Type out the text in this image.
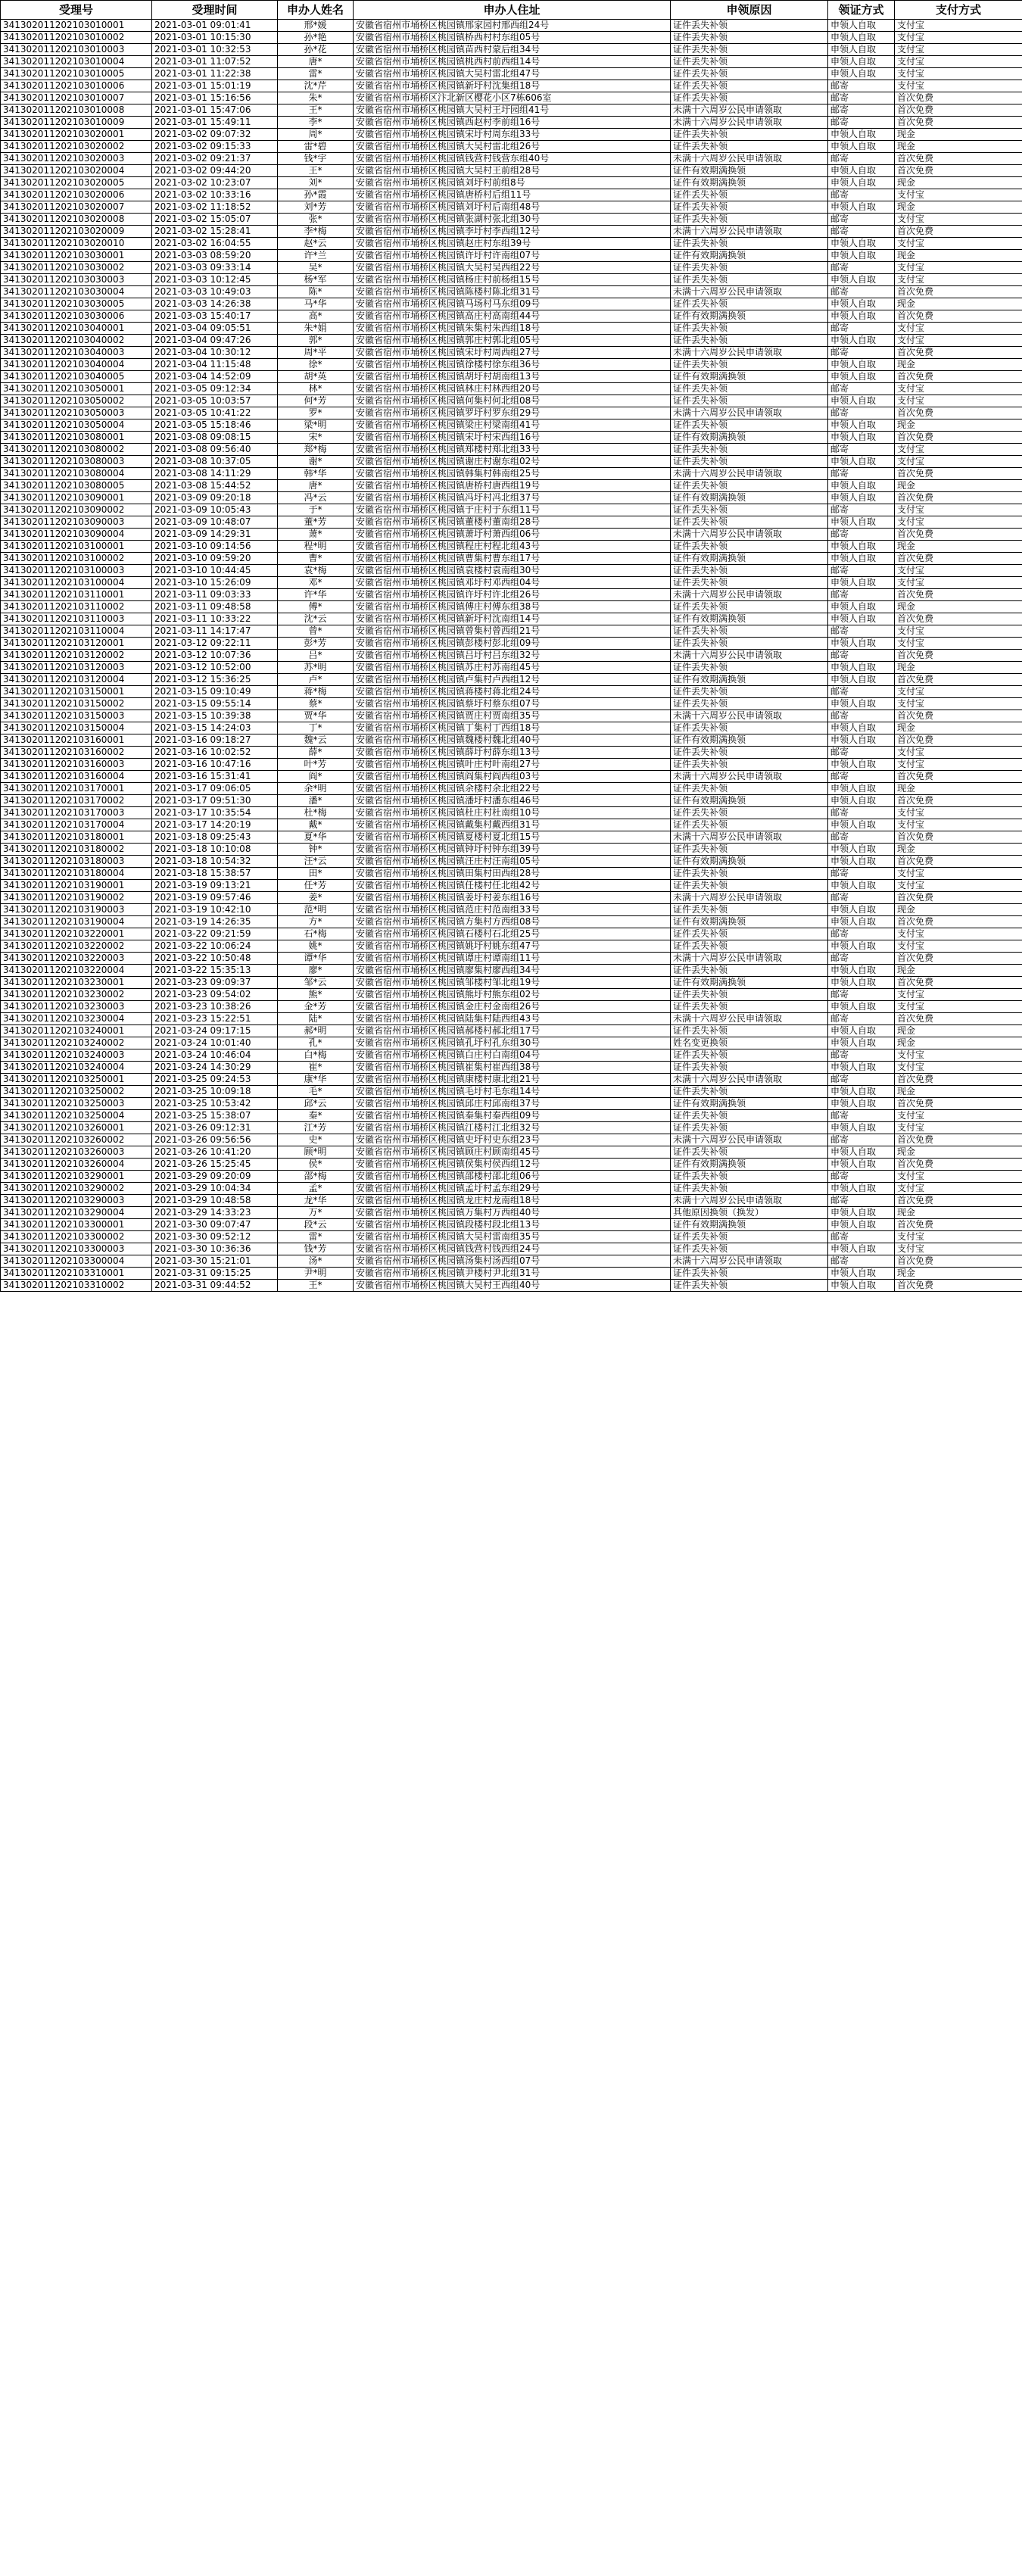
受理号	受理时间	申办人姓名	申办人住址	申领原因	领证方式	支付方式
341302011202103010001	2021-03-01 09:01:41	邢*媛	安徽省宿州市埇桥区桃园镇邢家园村邢西组24号	证件丢失补领	申领人自取	支付宝
341302011202103010002	2021-03-01 10:15:30	孙*艳	安徽省宿州市埇桥区桃园镇桥西村村东组05号	证件丢失补领	申领人自取	支付宝
341302011202103010003	2021-03-01 10:32:53	孙*花	安徽省宿州市埇桥区桃园镇苗西村蒙后组34号	证件丢失补领	申领人自取	支付宝
341302011202103010004	2021-03-01 11:07:52	唐*	安徽省宿州市埇桥区桃园镇桃西村前西组14号	证件丢失补领	申领人自取	支付宝
341302011202103010005	2021-03-01 11:22:38	雷*	安徽省宿州市埇桥区桃园镇大吴村雷北组47号	证件丢失补领	申领人自取	支付宝
341302011202103010006	2021-03-01 15:01:19	沈*芹	安徽省宿州市埇桥区桃园镇新圩村沈集组18号	证件丢失补领	邮寄	支付宝
341302011202103010007	2021-03-01 15:16:56	朱*	安徽省宿州市埇桥区汴北新区樱花小区7栋606室	证件丢失补领	邮寄	首次免费
341302011202103010008	2021-03-01 15:47:06	王*	安徽省宿州市埇桥区桃园镇大吴村王圩园组41号	未满十六周岁公民申请领取	邮寄	首次免费
341302011202103010009	2021-03-01 15:49:11	李*	安徽省宿州市埇桥区桃园镇西赵村李前组16号	未满十六周岁公民申请领取	邮寄	首次免费
341302011202103020001	2021-03-02 09:07:32	周*	安徽省宿州市埇桥区桃园镇宋圩村周东组33号	证件丢失补领	申领人自取	现金
341302011202103020002	2021-03-02 09:15:33	雷*碧	安徽省宿州市埇桥区桃园镇大吴村雷北组26号	证件丢失补领	申领人自取	现金
341302011202103020003	2021-03-02 09:21:37	钱*宇	安徽省宿州市埇桥区桃园镇钱营村钱营东组40号	未满十六周岁公民申请领取	邮寄	首次免费
341302011202103020004	2021-03-02 09:44:20	王*	安徽省宿州市埇桥区桃园镇大吴村王前组28号	证件有效期满换领	申领人自取	首次免费
341302011202103020005	2021-03-02 10:23:07	刘*	安徽省宿州市埇桥区桃园镇刘圩村前组8号	证件有效期满换领	申领人自取	现金
341302011202103020006	2021-03-02 10:33:16	孙*霞	安徽省宿州市埇桥区桃园镇唐桥村后组11号	证件丢失补领	邮寄	支付宝
341302011202103020007	2021-03-02 11:18:52	刘*芳	安徽省宿州市埇桥区桃园镇刘圩村后南组48号	证件丢失补领	申领人自取	现金
341302011202103020008	2021-03-02 15:05:07	张*	安徽省宿州市埇桥区桃园镇张湖村张北组30号	证件丢失补领	邮寄	支付宝
341302011202103020009	2021-03-02 15:28:41	李*梅	安徽省宿州市埇桥区桃园镇李圩村李西组12号	未满十六周岁公民申请领取	邮寄	首次免费
341302011202103020010	2021-03-02 16:04:55	赵*云	安徽省宿州市埇桥区桃园镇赵庄村东组39号	证件丢失补领	申领人自取	支付宝
341302011202103030001	2021-03-03 08:59:20	许*兰	安徽省宿州市埇桥区桃园镇许圩村许南组07号	证件有效期满换领	申领人自取	现金
341302011202103030002	2021-03-03 09:33:14	吴*	安徽省宿州市埇桥区桃园镇大吴村吴西组22号	证件丢失补领	邮寄	支付宝
341302011202103030003	2021-03-03 10:12:45	杨*军	安徽省宿州市埇桥区桃园镇杨庄村前杨组15号	证件丢失补领	申领人自取	支付宝
341302011202103030004	2021-03-03 10:49:03	陈*	安徽省宿州市埇桥区桃园镇陈楼村陈北组31号	未满十六周岁公民申请领取	邮寄	首次免费
341302011202103030005	2021-03-03 14:26:38	马*华	安徽省宿州市埇桥区桃园镇马场村马东组09号	证件丢失补领	申领人自取	现金
341302011202103030006	2021-03-03 15:40:17	高*	安徽省宿州市埇桥区桃园镇高庄村高南组44号	证件有效期满换领	申领人自取	首次免费
341302011202103040001	2021-03-04 09:05:51	朱*娟	安徽省宿州市埇桥区桃园镇朱集村朱西组18号	证件丢失补领	邮寄	支付宝
341302011202103040002	2021-03-04 09:47:26	郭*	安徽省宿州市埇桥区桃园镇郭庄村郭北组05号	证件丢失补领	申领人自取	支付宝
341302011202103040003	2021-03-04 10:30:12	周*平	安徽省宿州市埇桥区桃园镇宋圩村周西组27号	未满十六周岁公民申请领取	邮寄	首次免费
341302011202103040004	2021-03-04 11:15:48	徐*	安徽省宿州市埇桥区桃园镇徐楼村徐东组36号	证件丢失补领	申领人自取	现金
341302011202103040005	2021-03-04 14:52:09	胡*英	安徽省宿州市埇桥区桃园镇胡圩村胡南组13号	证件有效期满换领	申领人自取	首次免费
341302011202103050001	2021-03-05 09:12:34	林*	安徽省宿州市埇桥区桃园镇林庄村林西组20号	证件丢失补领	邮寄	支付宝
341302011202103050002	2021-03-05 10:03:57	何*芳	安徽省宿州市埇桥区桃园镇何集村何北组08号	证件丢失补领	申领人自取	支付宝
341302011202103050003	2021-03-05 10:41:22	罗*	安徽省宿州市埇桥区桃园镇罗圩村罗东组29号	未满十六周岁公民申请领取	邮寄	首次免费
341302011202103050004	2021-03-05 15:18:46	梁*明	安徽省宿州市埇桥区桃园镇梁庄村梁南组41号	证件丢失补领	申领人自取	现金
341302011202103080001	2021-03-08 09:08:15	宋*	安徽省宿州市埇桥区桃园镇宋圩村宋西组16号	证件有效期满换领	申领人自取	首次免费
341302011202103080002	2021-03-08 09:56:40	郑*梅	安徽省宿州市埇桥区桃园镇郑楼村郑北组33号	证件丢失补领	邮寄	支付宝
341302011202103080003	2021-03-08 10:37:05	谢*	安徽省宿州市埇桥区桃园镇谢庄村谢东组02号	证件丢失补领	申领人自取	支付宝
341302011202103080004	2021-03-08 14:11:29	韩*华	安徽省宿州市埇桥区桃园镇韩集村韩南组25号	未满十六周岁公民申请领取	邮寄	首次免费
341302011202103080005	2021-03-08 15:44:52	唐*	安徽省宿州市埇桥区桃园镇唐桥村唐西组19号	证件丢失补领	申领人自取	现金
341302011202103090001	2021-03-09 09:20:18	冯*云	安徽省宿州市埇桥区桃园镇冯圩村冯北组37号	证件有效期满换领	申领人自取	首次免费
341302011202103090002	2021-03-09 10:05:43	于*	安徽省宿州市埇桥区桃园镇于庄村于东组11号	证件丢失补领	邮寄	支付宝
341302011202103090003	2021-03-09 10:48:07	董*芳	安徽省宿州市埇桥区桃园镇董楼村董南组28号	证件丢失补领	申领人自取	支付宝
341302011202103090004	2021-03-09 14:29:31	萧*	安徽省宿州市埇桥区桃园镇萧圩村萧西组06号	未满十六周岁公民申请领取	邮寄	首次免费
341302011202103100001	2021-03-10 09:14:56	程*明	安徽省宿州市埇桥区桃园镇程庄村程北组43号	证件丢失补领	申领人自取	现金
341302011202103100002	2021-03-10 09:59:20	曹*	安徽省宿州市埇桥区桃园镇曹集村曹东组17号	证件有效期满换领	申领人自取	首次免费
341302011202103100003	2021-03-10 10:44:45	袁*梅	安徽省宿州市埇桥区桃园镇袁楼村袁南组30号	证件丢失补领	邮寄	支付宝
341302011202103100004	2021-03-10 15:26:09	邓*	安徽省宿州市埇桥区桃园镇邓圩村邓西组04号	证件丢失补领	申领人自取	支付宝
341302011202103110001	2021-03-11 09:03:33	许*华	安徽省宿州市埇桥区桃园镇许圩村许北组26号	未满十六周岁公民申请领取	邮寄	首次免费
341302011202103110002	2021-03-11 09:48:58	傅*	安徽省宿州市埇桥区桃园镇傅庄村傅东组38号	证件丢失补领	申领人自取	现金
341302011202103110003	2021-03-11 10:33:22	沈*云	安徽省宿州市埇桥区桃园镇新圩村沈南组14号	证件有效期满换领	申领人自取	首次免费
341302011202103110004	2021-03-11 14:17:47	曾*	安徽省宿州市埇桥区桃园镇曾集村曾西组21号	证件丢失补领	邮寄	支付宝
341302011202103120001	2021-03-12 09:22:11	彭*芳	安徽省宿州市埇桥区桃园镇彭楼村彭北组09号	证件丢失补领	申领人自取	支付宝
341302011202103120002	2021-03-12 10:07:36	吕*	安徽省宿州市埇桥区桃园镇吕圩村吕东组32号	未满十六周岁公民申请领取	邮寄	首次免费
341302011202103120003	2021-03-12 10:52:00	苏*明	安徽省宿州市埇桥区桃园镇苏庄村苏南组45号	证件丢失补领	申领人自取	现金
341302011202103120004	2021-03-12 15:36:25	卢*	安徽省宿州市埇桥区桃园镇卢集村卢西组12号	证件有效期满换领	申领人自取	首次免费
341302011202103150001	2021-03-15 09:10:49	蒋*梅	安徽省宿州市埇桥区桃园镇蒋楼村蒋北组24号	证件丢失补领	邮寄	支付宝
341302011202103150002	2021-03-15 09:55:14	蔡*	安徽省宿州市埇桥区桃园镇蔡圩村蔡东组07号	证件丢失补领	申领人自取	支付宝
341302011202103150003	2021-03-15 10:39:38	贾*华	安徽省宿州市埇桥区桃园镇贾庄村贾南组35号	未满十六周岁公民申请领取	邮寄	首次免费
341302011202103150004	2021-03-15 14:24:03	丁*	安徽省宿州市埇桥区桃园镇丁集村丁西组18号	证件丢失补领	申领人自取	现金
341302011202103160001	2021-03-16 09:18:27	魏*云	安徽省宿州市埇桥区桃园镇魏楼村魏北组40号	证件有效期满换领	申领人自取	首次免费
341302011202103160002	2021-03-16 10:02:52	薛*	安徽省宿州市埇桥区桃园镇薛圩村薛东组13号	证件丢失补领	邮寄	支付宝
341302011202103160003	2021-03-16 10:47:16	叶*芳	安徽省宿州市埇桥区桃园镇叶庄村叶南组27号	证件丢失补领	申领人自取	支付宝
341302011202103160004	2021-03-16 15:31:41	阎*	安徽省宿州市埇桥区桃园镇阎集村阎西组03号	未满十六周岁公民申请领取	邮寄	首次免费
341302011202103170001	2021-03-17 09:06:05	余*明	安徽省宿州市埇桥区桃园镇余楼村余北组22号	证件丢失补领	申领人自取	现金
341302011202103170002	2021-03-17 09:51:30	潘*	安徽省宿州市埇桥区桃园镇潘圩村潘东组46号	证件有效期满换领	申领人自取	首次免费
341302011202103170003	2021-03-17 10:35:54	杜*梅	安徽省宿州市埇桥区桃园镇杜庄村杜南组10号	证件丢失补领	邮寄	支付宝
341302011202103170004	2021-03-17 14:20:19	戴*	安徽省宿州市埇桥区桃园镇戴集村戴西组31号	证件丢失补领	申领人自取	支付宝
341302011202103180001	2021-03-18 09:25:43	夏*华	安徽省宿州市埇桥区桃园镇夏楼村夏北组15号	未满十六周岁公民申请领取	邮寄	首次免费
341302011202103180002	2021-03-18 10:10:08	钟*	安徽省宿州市埇桥区桃园镇钟圩村钟东组39号	证件丢失补领	申领人自取	现金
341302011202103180003	2021-03-18 10:54:32	汪*云	安徽省宿州市埇桥区桃园镇汪庄村汪南组05号	证件有效期满换领	申领人自取	首次免费
341302011202103180004	2021-03-18 15:38:57	田*	安徽省宿州市埇桥区桃园镇田集村田西组28号	证件丢失补领	邮寄	支付宝
341302011202103190001	2021-03-19 09:13:21	任*芳	安徽省宿州市埇桥区桃园镇任楼村任北组42号	证件丢失补领	申领人自取	支付宝
341302011202103190002	2021-03-19 09:57:46	姜*	安徽省宿州市埇桥区桃园镇姜圩村姜东组16号	未满十六周岁公民申请领取	邮寄	首次免费
341302011202103190003	2021-03-19 10:42:10	范*明	安徽省宿州市埇桥区桃园镇范庄村范南组33号	证件丢失补领	申领人自取	现金
341302011202103190004	2021-03-19 14:26:35	方*	安徽省宿州市埇桥区桃园镇方集村方西组08号	证件有效期满换领	申领人自取	首次免费
341302011202103220001	2021-03-22 09:21:59	石*梅	安徽省宿州市埇桥区桃园镇石楼村石北组25号	证件丢失补领	邮寄	支付宝
341302011202103220002	2021-03-22 10:06:24	姚*	安徽省宿州市埇桥区桃园镇姚圩村姚东组47号	证件丢失补领	申领人自取	支付宝
341302011202103220003	2021-03-22 10:50:48	谭*华	安徽省宿州市埇桥区桃园镇谭庄村谭南组11号	未满十六周岁公民申请领取	邮寄	首次免费
341302011202103220004	2021-03-22 15:35:13	廖*	安徽省宿州市埇桥区桃园镇廖集村廖西组34号	证件丢失补领	申领人自取	现金
341302011202103230001	2021-03-23 09:09:37	邹*云	安徽省宿州市埇桥区桃园镇邹楼村邹北组19号	证件有效期满换领	申领人自取	首次免费
341302011202103230002	2021-03-23 09:54:02	熊*	安徽省宿州市埇桥区桃园镇熊圩村熊东组02号	证件丢失补领	邮寄	支付宝
341302011202103230003	2021-03-23 10:38:26	金*芳	安徽省宿州市埇桥区桃园镇金庄村金南组26号	证件丢失补领	申领人自取	支付宝
341302011202103230004	2021-03-23 15:22:51	陆*	安徽省宿州市埇桥区桃园镇陆集村陆西组43号	未满十六周岁公民申请领取	邮寄	首次免费
341302011202103240001	2021-03-24 09:17:15	郝*明	安徽省宿州市埇桥区桃园镇郝楼村郝北组17号	证件丢失补领	申领人自取	现金
341302011202103240002	2021-03-24 10:01:40	孔*	安徽省宿州市埇桥区桃园镇孔圩村孔东组30号	姓名变更换领	申领人自取	现金
341302011202103240003	2021-03-24 10:46:04	白*梅	安徽省宿州市埇桥区桃园镇白庄村白南组04号	证件丢失补领	邮寄	支付宝
341302011202103240004	2021-03-24 14:30:29	崔*	安徽省宿州市埇桥区桃园镇崔集村崔西组38号	证件丢失补领	申领人自取	支付宝
341302011202103250001	2021-03-25 09:24:53	康*华	安徽省宿州市埇桥区桃园镇康楼村康北组21号	未满十六周岁公民申请领取	邮寄	首次免费
341302011202103250002	2021-03-25 10:09:18	毛*	安徽省宿州市埇桥区桃园镇毛圩村毛东组14号	证件丢失补领	申领人自取	现金
341302011202103250003	2021-03-25 10:53:42	邱*云	安徽省宿州市埇桥区桃园镇邱庄村邱南组37号	证件有效期满换领	申领人自取	首次免费
341302011202103250004	2021-03-25 15:38:07	秦*	安徽省宿州市埇桥区桃园镇秦集村秦西组09号	证件丢失补领	邮寄	支付宝
341302011202103260001	2021-03-26 09:12:31	江*芳	安徽省宿州市埇桥区桃园镇江楼村江北组32号	证件丢失补领	申领人自取	支付宝
341302011202103260002	2021-03-26 09:56:56	史*	安徽省宿州市埇桥区桃园镇史圩村史东组23号	未满十六周岁公民申请领取	邮寄	首次免费
341302011202103260003	2021-03-26 10:41:20	顾*明	安徽省宿州市埇桥区桃园镇顾庄村顾南组45号	证件丢失补领	申领人自取	现金
341302011202103260004	2021-03-26 15:25:45	侯*	安徽省宿州市埇桥区桃园镇侯集村侯西组12号	证件有效期满换领	申领人自取	首次免费
341302011202103290001	2021-03-29 09:20:09	邵*梅	安徽省宿州市埇桥区桃园镇邵楼村邵北组06号	证件丢失补领	邮寄	支付宝
341302011202103290002	2021-03-29 10:04:34	孟*	安徽省宿州市埇桥区桃园镇孟圩村孟东组29号	证件丢失补领	申领人自取	支付宝
341302011202103290003	2021-03-29 10:48:58	龙*华	安徽省宿州市埇桥区桃园镇龙庄村龙南组18号	未满十六周岁公民申请领取	邮寄	首次免费
341302011202103290004	2021-03-29 14:33:23	万*	安徽省宿州市埇桥区桃园镇万集村万西组40号	其他原因换领（换发）	申领人自取	现金
341302011202103300001	2021-03-30 09:07:47	段*云	安徽省宿州市埇桥区桃园镇段楼村段北组13号	证件有效期满换领	申领人自取	首次免费
341302011202103300002	2021-03-30 09:52:12	雷*	安徽省宿州市埇桥区桃园镇大吴村雷南组35号	证件丢失补领	邮寄	支付宝
341302011202103300003	2021-03-30 10:36:36	钱*芳	安徽省宿州市埇桥区桃园镇钱营村钱西组24号	证件丢失补领	申领人自取	支付宝
341302011202103300004	2021-03-30 15:21:01	汤*	安徽省宿州市埇桥区桃园镇汤集村汤西组07号	未满十六周岁公民申请领取	邮寄	首次免费
341302011202103310001	2021-03-31 09:15:25	尹*明	安徽省宿州市埇桥区桃园镇尹楼村尹北组31号	证件丢失补领	申领人自取	现金
341302011202103310002	2021-03-31 09:44:52	王*	安徽省宿州市埇桥区桃园镇大吴村王西组40号	证件丢失补领	申领人自取	首次免费
